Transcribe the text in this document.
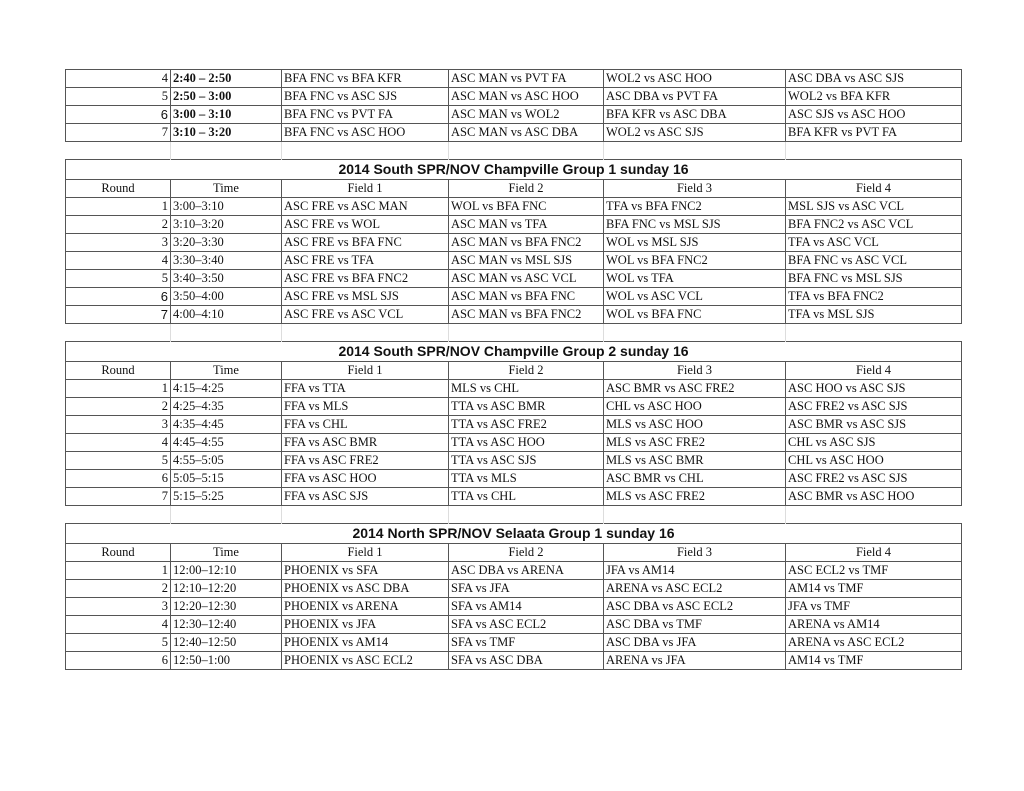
4	2:40 – 2:50	BFA FNC vs BFA KFR	ASC MAN vs PVT FA	WOL2 vs ASC HOO	ASC DBA vs ASC SJS
5	2:50 – 3:00	BFA FNC vs ASC SJS	ASC MAN vs ASC HOO	ASC DBA vs PVT FA	WOL2 vs BFA KFR
6	3:00 – 3:10	BFA FNC vs PVT FA	ASC MAN vs WOL2	BFA KFR vs ASC DBA	ASC SJS vs ASC HOO
7	3:10 – 3:20	BFA FNC vs ASC HOO	ASC MAN vs ASC DBA	WOL2 vs ASC SJS	BFA KFR vs PVT FA

2014 South SPR/NOV Champville Group 1 sunday 16					
Round	Time	Field 1	Field 2	Field 3	Field 4
1	3:00–3:10	ASC FRE vs ASC MAN	WOL vs BFA FNC	TFA vs BFA FNC2	MSL SJS vs ASC VCL
2	3:10–3:20	ASC FRE vs WOL	ASC MAN vs TFA	BFA FNC vs MSL SJS	BFA FNC2 vs ASC VCL
3	3:20–3:30	ASC FRE vs BFA FNC	ASC MAN vs BFA FNC2	WOL vs MSL SJS	TFA vs ASC VCL
4	3:30–3:40	ASC FRE vs TFA	ASC MAN vs MSL SJS	WOL vs BFA FNC2	BFA FNC vs ASC VCL
5	3:40–3:50	ASC FRE vs BFA FNC2	ASC MAN vs ASC VCL	WOL vs TFA	BFA FNC vs MSL SJS
6	3:50–4:00	ASC FRE vs MSL SJS	ASC MAN vs BFA FNC	WOL vs ASC VCL	TFA vs BFA FNC2
7	4:00–4:10	ASC FRE vs ASC VCL	ASC MAN vs BFA FNC2	WOL vs BFA FNC	TFA vs MSL SJS

2014 South SPR/NOV Champville Group 2 sunday 16					
Round	Time	Field 1	Field 2	Field 3	Field 4
1	4:15–4:25	FFA vs TTA	MLS vs CHL	ASC BMR vs ASC FRE2	ASC HOO vs ASC SJS
2	4:25–4:35	FFA vs MLS	TTA vs ASC BMR	CHL vs ASC HOO	ASC FRE2 vs ASC SJS
3	4:35–4:45	FFA vs CHL	TTA vs ASC FRE2	MLS vs ASC HOO	ASC BMR vs ASC SJS
4	4:45–4:55	FFA vs ASC BMR	TTA vs ASC HOO	MLS vs ASC FRE2	CHL vs ASC SJS
5	4:55–5:05	FFA vs ASC FRE2	TTA vs ASC SJS	MLS vs ASC BMR	CHL vs ASC HOO
6	5:05–5:15	FFA vs ASC HOO	TTA vs MLS	ASC BMR vs CHL	ASC FRE2 vs ASC SJS
7	5:15–5:25	FFA vs ASC SJS	TTA vs CHL	MLS vs ASC FRE2	ASC BMR vs ASC HOO

2014 North SPR/NOV Selaata Group 1 sunday 16					
Round	Time	Field 1	Field 2	Field 3	Field 4
1	12:00–12:10	PHOENIX vs SFA	ASC DBA vs ARENA	JFA vs AM14	ASC ECL2 vs TMF
2	12:10–12:20	PHOENIX vs ASC DBA	SFA vs JFA	ARENA vs ASC ECL2	AM14 vs TMF
3	12:20–12:30	PHOENIX vs ARENA	SFA vs AM14	ASC DBA vs ASC ECL2	JFA vs TMF
4	12:30–12:40	PHOENIX vs JFA	SFA vs ASC ECL2	ASC DBA vs TMF	ARENA vs AM14
5	12:40–12:50	PHOENIX vs AM14	SFA vs TMF	ASC DBA vs JFA	ARENA vs ASC ECL2
6	12:50–1:00	PHOENIX vs ASC ECL2	SFA vs ASC DBA	ARENA vs JFA	AM14 vs TMF
